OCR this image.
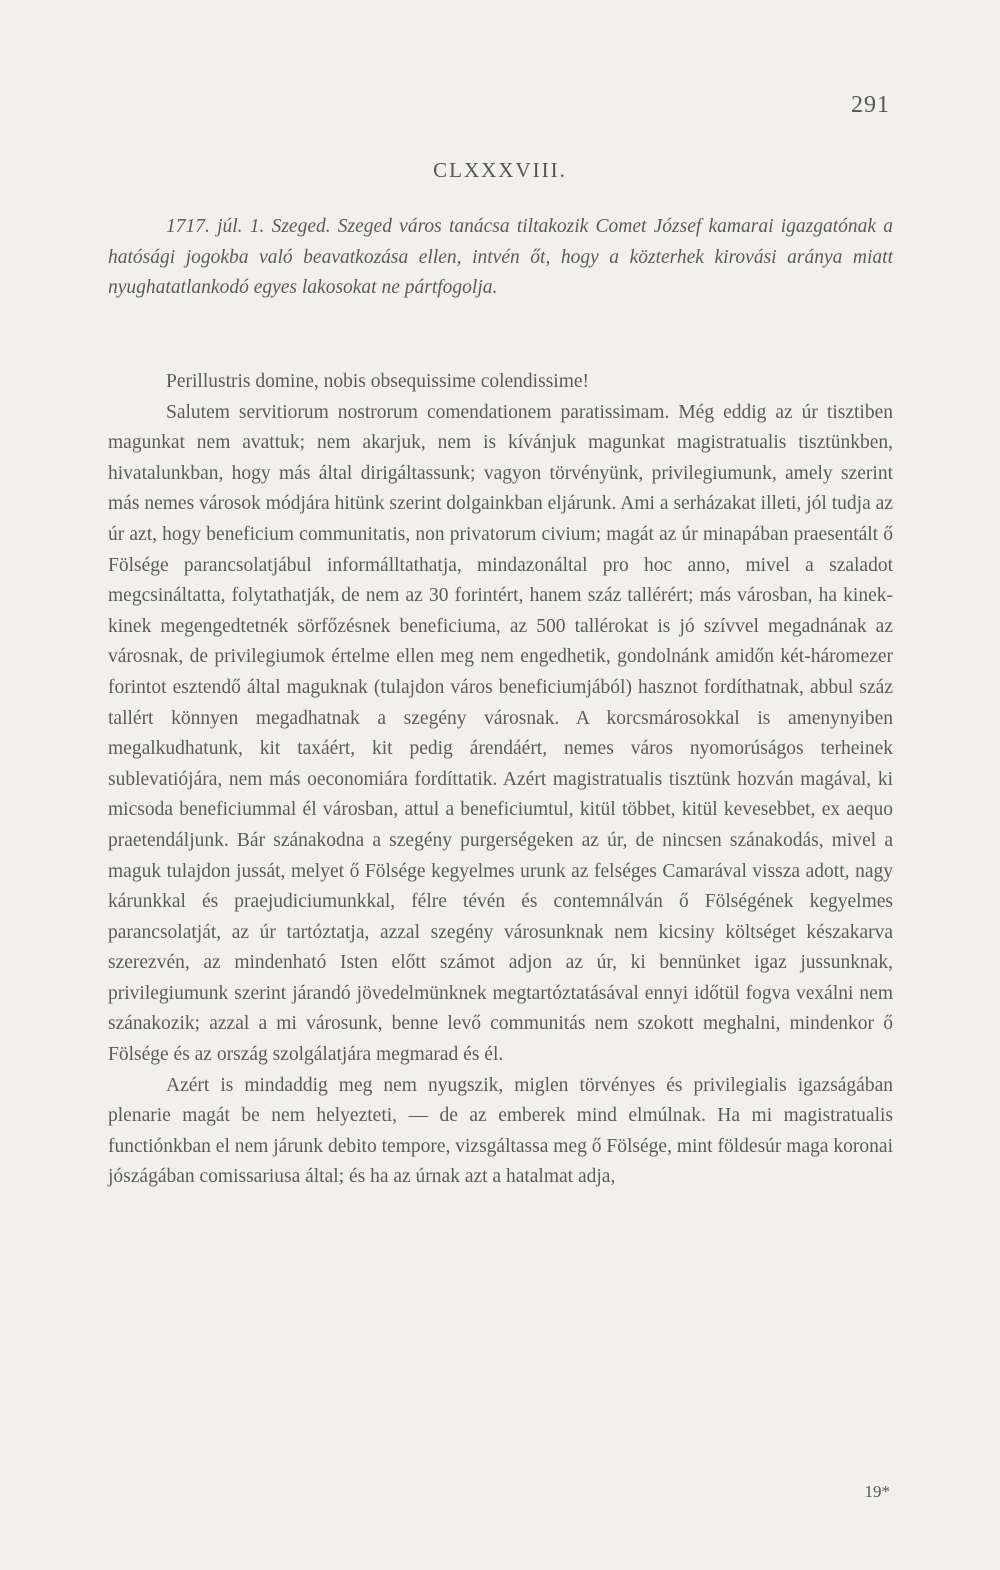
291
CLXXXVIII.

1717. júl. 1. Szeged. Szeged város tanácsa tiltakozik Comet József kamarai igazgatónak a hatósági jogokba való beavatkozása ellen, intvén őt, hogy a közterhek kirovási aránya miatt nyughatatlankodó egyes lakosokat ne pártfogolja.

Perillustris domine, nobis obsequissime colendissime!

Salutem servitiorum nostrorum comendationem paratissimam. Még eddig az úr tisztiben magunkat nem avattuk; nem akarjuk, nem is kívánjuk magunkat magistratualis tisztünkben, hivatalunkban, hogy más által dirigáltassunk; vagyon törvényünk, privilegiumunk, amely szerint más nemes városok módjára hitünk szerint dolgainkban eljárunk. Ami a serházakat illeti, jól tudja az úr azt, hogy beneficium communitatis, non privatorum civium; magát az úr minapában praesentált ő Fölsége parancsolatjábul informálltathatja, mindazonáltal pro hoc anno, mivel a szaladot megcsináltatta, folytathatják, de nem az 30 forintért, hanem száz tallérért; más városban, ha kinek-kinek megengedtetnék sörfőzésnek beneficiuma, az 500 tallérokat is jó szívvel megadnának az városnak, de privilegiumok értelme ellen meg nem engedhetik, gondolnánk amidőn két-háromezer forintot esztendő által maguknak (tulajdon város beneficiumjából) hasznot fordíthatnak, abbul száz tallért könnyen megadhatnak a szegény városnak. A korcsmárosokkal is amenynyiben megalkudhatunk, kit taxáért, kit pedig árendáért, nemes város nyomorúságos terheinek sublevatiójára, nem más oeconomiára fordíttatik. Azért magistratualis tisztünk hozván magával, ki micsoda beneficiummal él városban, attul a beneficiumtul, kitül többet, kitül kevesebbet, ex aequo praetendáljunk. Bár szánakodna a szegény purgerségeken az úr, de nincsen szánakodás, mivel a maguk tulajdon jussát, melyet ő Fölsége kegyelmes urunk az felséges Camarával vissza adott, nagy kárunkkal és praejudiciumunkkal, félre tévén és contemnálván ő Fölségének kegyelmes parancsolatját, az úr tartóztatja, azzal szegény városunknak nem kicsiny költséget készakarva szerezvén, az mindenható Isten előtt számot adjon az úr, ki bennünket igaz jussunknak, privilegiumunk szerint járandó jövedelmünknek megtartóztatásával ennyi időtül fogva vexálni nem szánakozik; azzal a mi városunk, benne levő communitás nem szokott meghalni, mindenkor ő Fölsége és az ország szolgálatjára megmarad és él.

Azért is mindaddig meg nem nyugszik, miglen törvényes és privilegialis igazságában plenarie magát be nem helyezteti, — de az emberek mind elmúlnak. Ha mi magistratualis functiónkban el nem járunk debito tempore, vizsgáltassa meg ő Fölsége, mint földesúr maga koronai jószágában comissariusa által; és ha az úrnak azt a hatalmat adja,

19*
